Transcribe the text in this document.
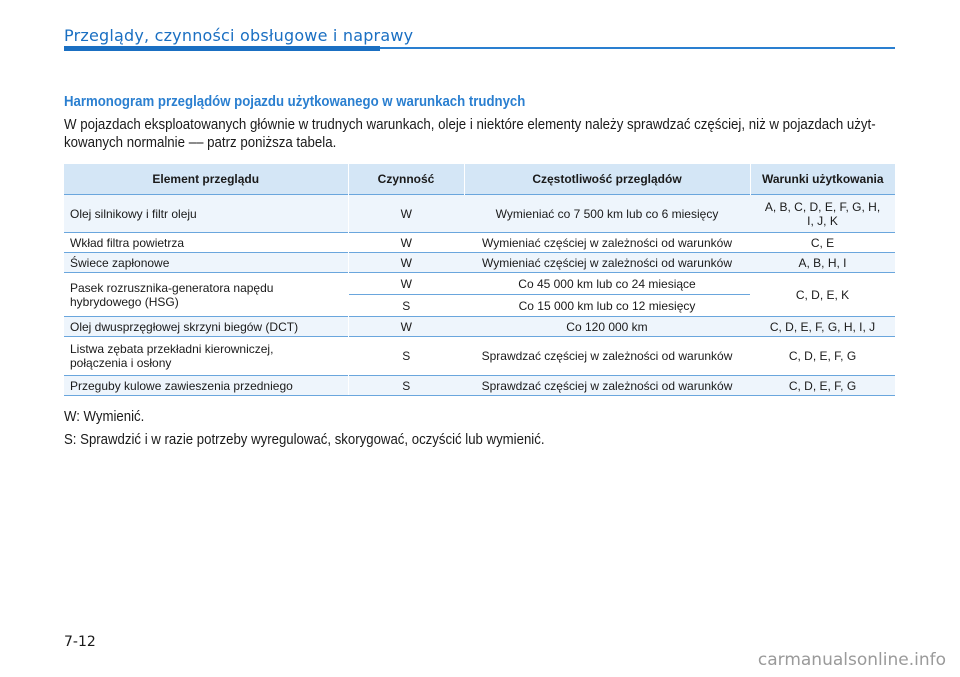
Przeglądy, czynności obsługowe i naprawy
Harmonogram przeglądów pojazdu użytkowanego w warunkach trudnych

W pojazdach eksploatowanych głównie w trudnych warunkach, oleje i niektóre elementy należy sprawdzać częściej, niż w pojazdach użyt-

kowanych normalnie –– patrz poniższa tabela.

Element przeglądu	Czynność	Częstotliwość przeglądów	Warunki użytkowania
Olej silnikowy i filtr oleju	W	Wymieniać co 7 500 km lub co 6 miesięcy	A, B, C, D, E, F, G, H,
I, J, K

Wkład filtra powietrza	W	Wymieniać częściej w zależności od warunków	C, E
Świece zapłonowe	W	Wymieniać częściej w zależności od warunków	A, B, H, I

Pasek rozrusznika-generatora napędu
hybrydowego (HSG)	W	Co 45 000 km lub co 24 miesiące	C, D, E, K
	S	Co 15 000 km lub co 12 miesięcy	
Olej dwusprzęgłowej skrzyni biegów (DCT)	W	Co 120 000 km	C, D, E, F, G, H, I, J

Listwa zębata przekładni kierowniczej,
połączenia i osłony	S	Sprawdzać częściej w zależności od warunków	C, D, E, F, G
Przeguby kulowe zawieszenia przedniego	S	Sprawdzać częściej w zależności od warunków	C, D, E, F, G
W: Wymienić.
S: Sprawdzić i w razie potrzeby wyregulować, skorygować, oczyścić lub wymienić.
7-12
carmanualsonline.info
